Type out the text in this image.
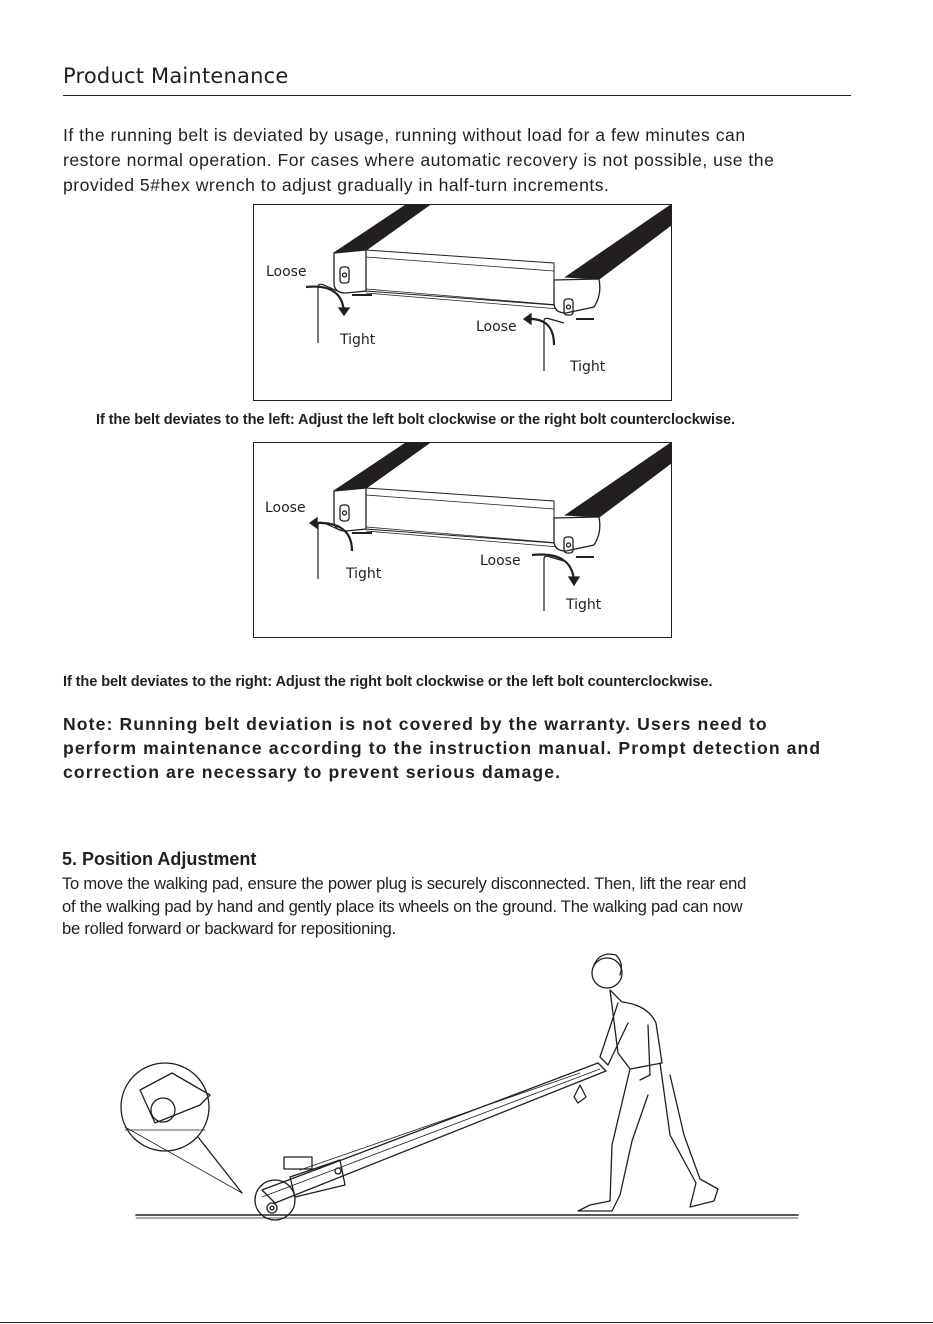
Product Maintenance
If the running belt is deviated by usage, running without load for a few minutes can
restore normal operation. For cases where automatic recovery is not possible, use the
provided 5#hex wrench to adjust gradually in half-turn increments.
Loose
Tight
Loose
Tight
If the belt deviates to the left: Adjust the left bolt clockwise or the right bolt counterclockwise.
Loose
Tight
Loose
Tight
If the belt deviates to the right: Adjust the right bolt clockwise or the left bolt counterclockwise.
Note: Running belt deviation is not covered by the warranty. Users need to
perform maintenance according to the instruction manual. Prompt detection and
correction are necessary to prevent serious damage.
5. Position Adjustment
To move the walking pad, ensure the power plug is securely disconnected. Then, lift the rear end
of the walking pad by hand and gently place its wheels on the ground. The walking pad can now
be rolled forward or backward for repositioning.
